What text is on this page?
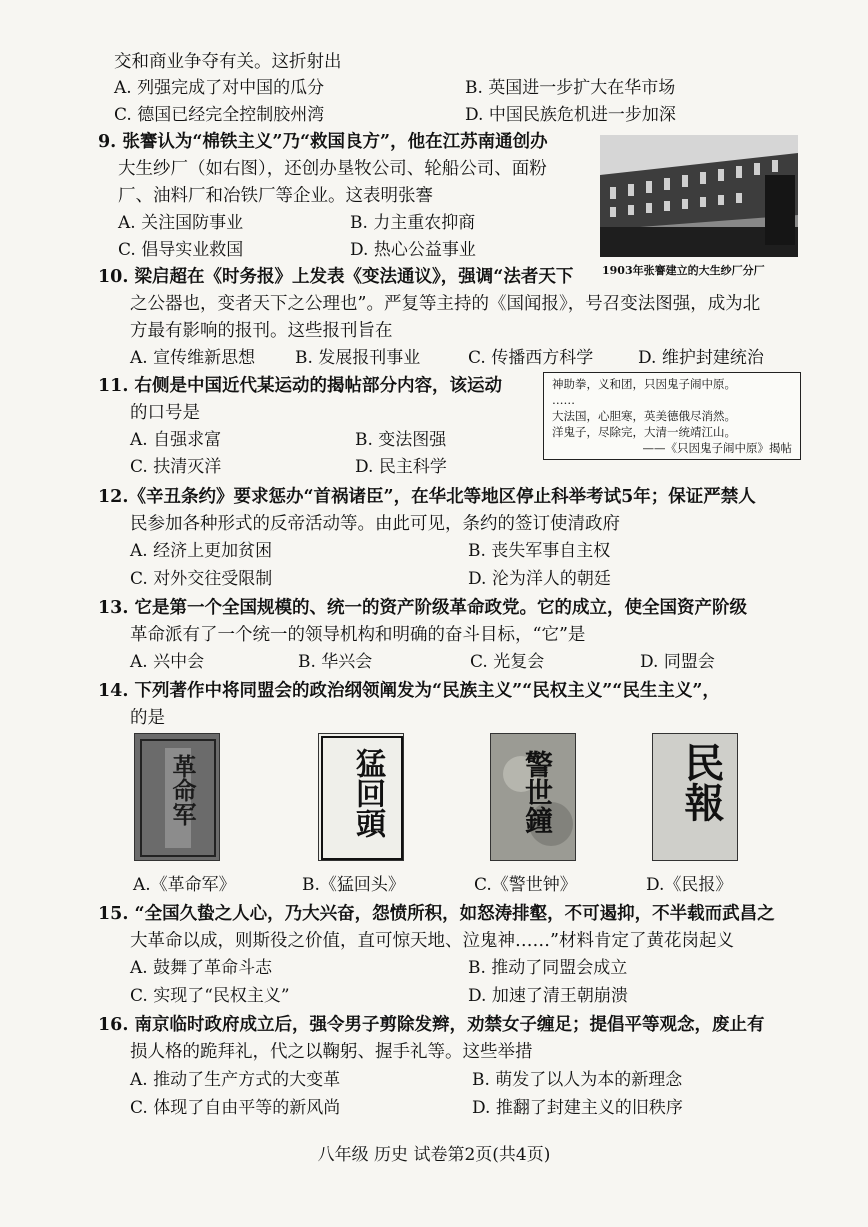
交和商业争夺有关。这折射出
A. 列强完成了对中国的瓜分	B. 英国进一步扩大在华市场
C. 德国已经完全控制胶州湾	D. 中国民族危机进一步加深
9. 张謇认为“棉铁主义”乃“救国良方”，他在江苏南通创办
大生纱厂（如右图），还创办垦牧公司、轮船公司、面粉
厂、油料厂和冶铁厂等企业。这表明张謇
A. 关注国防事业	B. 力主重农抑商
C. 倡导实业救国	D. 热心公益事业
1903年张謇建立的大生纱厂分厂
10. 梁启超在《时务报》上发表《变法通议》，强调“法者天下
之公器也，变者天下之公理也”。严复等主持的《国闻报》，号召变法图强，成为北
方最有影响的报刊。这些报刊旨在
A. 宣传维新思想 B. 发展报刊事业	C. 传播西方科学	D. 维护封建统治
11. 右侧是中国近代某运动的揭帖部分内容，该运动
的口号是
A. 自强求富	B. 变法图强
C. 扶清灭洋	D. 民主科学
神助拳，义和团，只因鬼子闹中原。
……
大法国，心胆寒，英美德俄尽消然。
洋鬼子，尽除完，大清一统靖江山。
——《只因鬼子闹中原》揭帖
12.《辛丑条约》要求惩办“首祸诸臣”，在华北等地区停止科举考试5年；保证严禁人
民参加各种形式的反帝活动等。由此可见，条约的签订使清政府
A. 经济上更加贫困	B. 丧失军事自主权
C. 对外交往受限制	D. 沦为洋人的朝廷
13. 它是第一个全国规模的、统一的资产阶级革命政党。它的成立，使全国资产阶级
革命派有了一个统一的领导机构和明确的奋斗目标，“它”是
A. 兴中会	B. 华兴会	C. 光复会	D. 同盟会
14. 下列著作中将同盟会的政治纲领阐发为“民族主义”“民权主义”“民生主义”，
的是
革命军	猛回頭	警世鐘	民報
A.《革命军》	B.《猛回头》	C.《警世钟》	D.《民报》
15. “全国久蛰之人心，乃大兴奋，怨愤所积，如怒涛排壑，不可遏抑，不半载而武昌之
大革命以成，则斯役之价值，直可惊天地、泣鬼神……”材料肯定了黄花岗起义
A. 鼓舞了革命斗志	B. 推动了同盟会成立
C. 实现了“民权主义”	D. 加速了清王朝崩溃
16. 南京临时政府成立后，强令男子剪除发辫，劝禁女子缠足；提倡平等观念，废止有
损人格的跪拜礼，代之以鞠躬、握手礼等。这些举措
A. 推动了生产方式的大变革	B. 萌发了以人为本的新理念
C. 体现了自由平等的新风尚	D. 推翻了封建主义的旧秩序
八年级 历史 试卷第2页(共4页)
